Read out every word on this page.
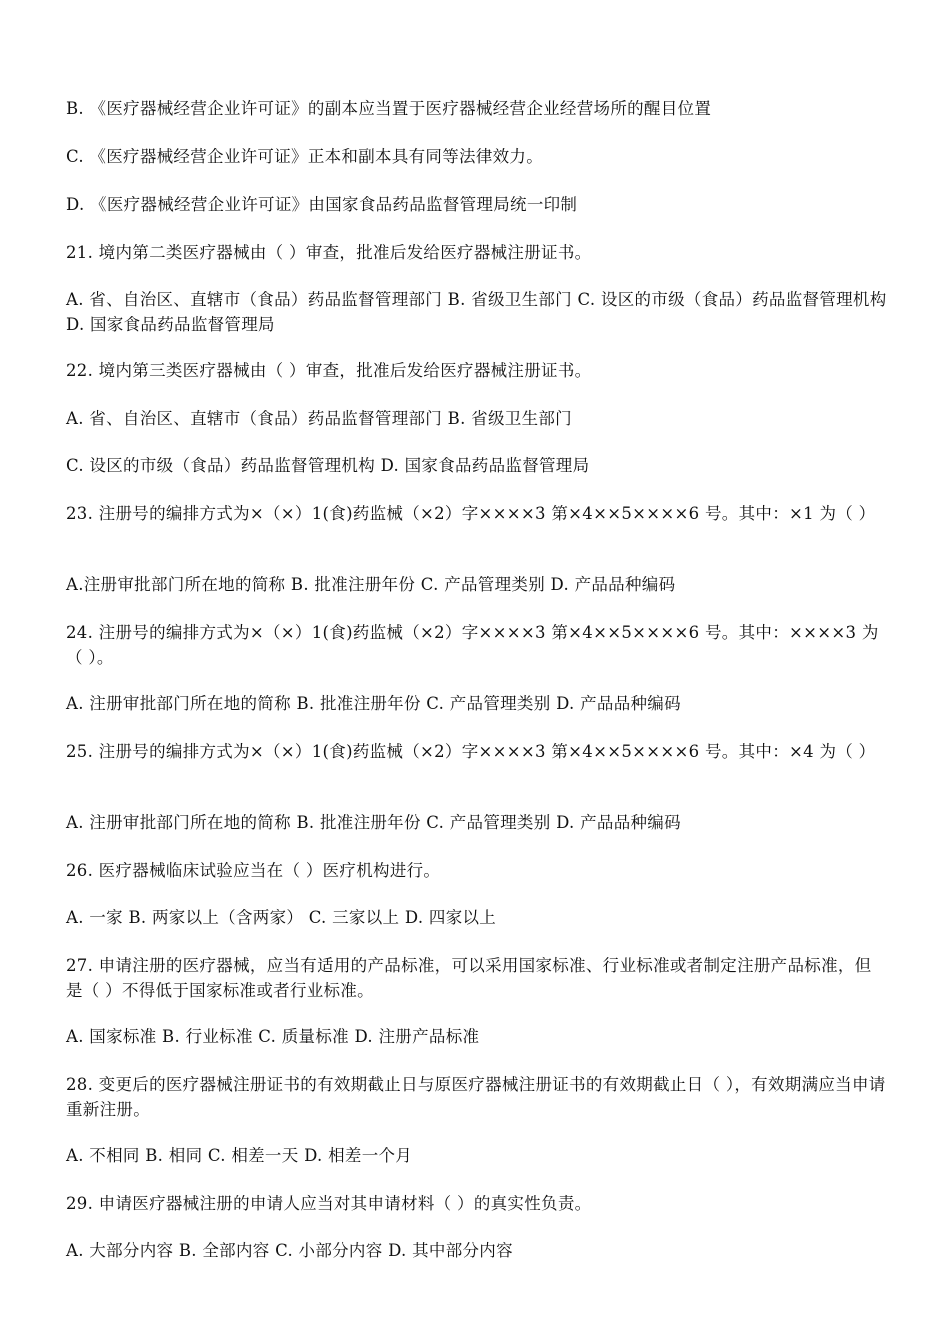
B. 《医疗器械经营企业许可证》的副本应当置于医疗器械经营企业经营场所的醒目位置

C. 《医疗器械经营企业许可证》正本和副本具有同等法律效力。

D. 《医疗器械经营企业许可证》由国家食品药品监督管理局统一印制

21. 境内第二类医疗器械由（ ）审查，批准后发给医疗器械注册证书。

A. 省、自治区、直辖市（食品）药品监督管理部门 B. 省级卫生部门 C. 设区的市级（食品）药品监督管理机构 D. 国家食品药品监督管理局

22. 境内第三类医疗器械由（ ）审查，批准后发给医疗器械注册证书。

A. 省、自治区、直辖市（食品）药品监督管理部门 B. 省级卫生部门

C. 设区的市级（食品）药品监督管理机构 D. 国家食品药品监督管理局

23. 注册号的编排方式为×（×）1(食)药监械（×2）字××××3 第×4××5××××6 号。其中：×1 为（ ）

A.注册审批部门所在地的简称 B. 批准注册年份 C. 产品管理类别 D. 产品品种编码

24. 注册号的编排方式为×（×）1(食)药监械（×2）字××××3 第×4××5××××6 号。其中：××××3 为（ ）。

A. 注册审批部门所在地的简称 B. 批准注册年份 C. 产品管理类别 D. 产品品种编码

25. 注册号的编排方式为×（×）1(食)药监械（×2）字××××3 第×4××5××××6 号。其中：×4 为（ ）

A. 注册审批部门所在地的简称 B. 批准注册年份 C. 产品管理类别 D. 产品品种编码

26. 医疗器械临床试验应当在（ ）医疗机构进行。

A. 一家 B. 两家以上（含两家） C. 三家以上 D. 四家以上

27. 申请注册的医疗器械，应当有适用的产品标准，可以采用国家标准、行业标准或者制定注册产品标准，但是（ ）不得低于国家标准或者行业标准。

A. 国家标准 B. 行业标准 C. 质量标准 D. 注册产品标准

28. 变更后的医疗器械注册证书的有效期截止日与原医疗器械注册证书的有效期截止日（ ），有效期满应当申请重新注册。

A. 不相同 B. 相同 C. 相差一天 D. 相差一个月

29. 申请医疗器械注册的申请人应当对其申请材料（ ）的真实性负责。

A. 大部分内容 B. 全部内容 C. 小部分内容 D. 其中部分内容
